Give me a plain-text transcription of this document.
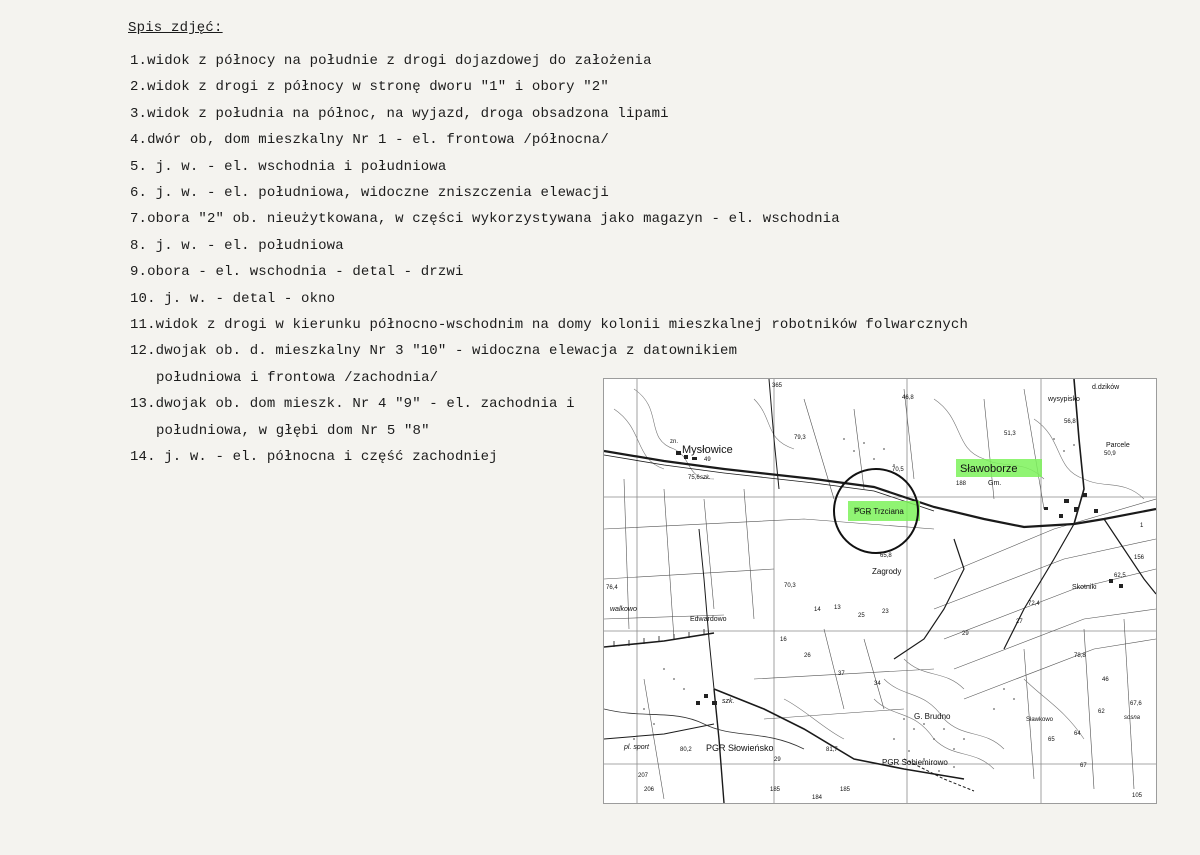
Spis zdjęć:
1.widok z północy na południe z drogi dojazdowej do założenia
2.widok z drogi z północy w stronę dworu "1" i obory "2"
3.widok z południa na północ, na wyjazd, droga obsadzona lipami
4.dwór ob, dom mieszkalny Nr 1 - el. frontowa /północna/
5. j. w. - el. wschodnia i południowa
6. j. w. - el. południowa, widoczne zniszczenia elewacji
7.obora "2" ob. nieużytkowana, w części wykorzystywana jako magazyn - el. wschodnia
8. j. w. - el. południowa
9.obora - el. wschodnia - detal - drzwi
10. j. w. - detal - okno
11.widok z drogi w kierunku północno-wschodnim na domy kolonii mieszkalnej robotników folwarcznych
12.dwojak ob. d. mieszkalny Nr 3 "10" - widoczna elewacja z datownikiem
południowa i frontowa /zachodnia/
13.dwojak ob. dom mieszk. Nr 4 "9" - el. zachodnia i
południowa, w głębi dom Nr 5 "8"
14. j. w. - el. północna i część zachodniej	Mysłowice
Sławoborze
PGR Trzciana
Zagrody
Edwardowo
Skotniki
Parcele
G. Brudno
PGR Słowieńsko
PGR Sobiemirowo
Sławkowo
wysypisko
d.dzików
Gm.
pl. sport
szk.
szk.
walkowo
sosna
zn.
365
49
79,3
70,5
75,6
46,8
51,3
50,9
56,8
76,4	70,3
65,8
62,5
80,2	81,7
67,6
78,8
72,4
156
188
185
184
185
29
207
206
105
62
46
27
29
25
23
14 13
16
26
37
34
65
64
67
1
